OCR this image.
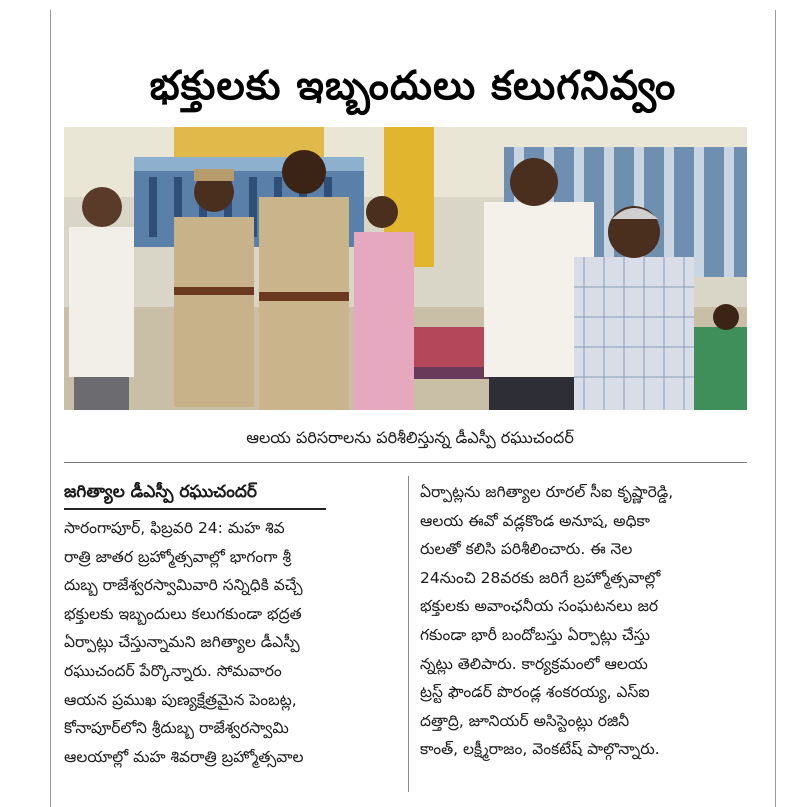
భక్తులకు ఇబ్బందులు కలుగనివ్వం
ఆలయ పరిసరాలను పరిశీలిస్తున్న డీఎస్పీ రఘుచందర్
జగిత్యాల డీఎస్పీ రఘుచందర్

సారంగాపూర్, ఫిబ్రవరి 24: మహ శివ

రాత్రి జాతర బ్రహ్మోత్సవాల్లో భాగంగా శ్రీ

దుబ్బ రాజేశ్వరస్వామివారి సన్నిధికి వచ్చే

భక్తులకు ఇబ్బందులు కలుగకుండా భద్రత

ఏర్పాట్లు చేస్తున్నామని జగిత్యాల డీఎస్పీ

రఘుచందర్ పేర్కొన్నారు. సోమవారం

ఆయన ప్రముఖ పుణ్యక్షేత్రమైన పెంబట్ల,

కోనాపూర్‌లోని శ్రీదుబ్బ రాజేశ్వరస్వామి

ఆలయాల్లో మహ శివరాత్రి బ్రహ్మోత్సవాల

ఏర్పాట్లను జగిత్యాల రూరల్ సీఐ కృష్ణారెడ్డి,

ఆలయ ఈవో వడ్లకొండ అనూష, అధికా

రులతో కలిసి పరిశీలించారు. ఈ నెల

24నుంచి 28వరకు జరిగే బ్రహ్మోత్సవాల్లో

భక్తులకు అవాంఛనీయ సంఘటనలు జర

గకుండా భారీ బందోబస్తు ఏర్పాట్లు చేస్తు

న్నట్లు తెలిపారు. కార్యక్రమంలో ఆలయ

ట్రస్ట్ ఫౌండర్ పొరండ్ల శంకరయ్య, ఎస్ఐ

దత్తాద్రి, జూనియర్ అసిస్టెంట్లు రజినీ

కాంత్, లక్ష్మీరాజం, వెంకటేష్ పాల్గొన్నారు.
